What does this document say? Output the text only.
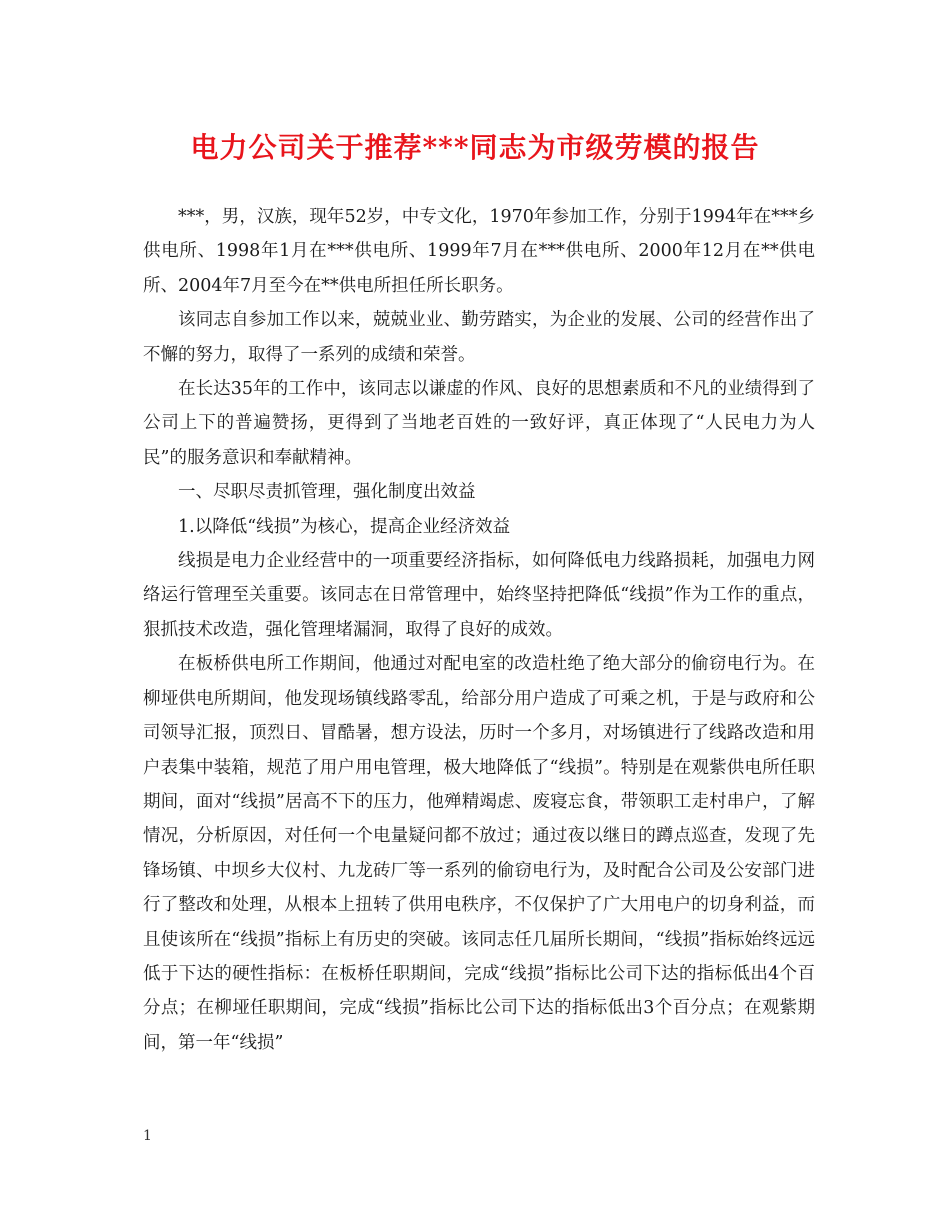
电力公司关于推荐***同志为市级劳模的报告

***，男，汉族，现年52岁，中专文化，1970年参加工作，分别于1994年在***乡供电所、1998年1月在***供电所、1999年7月在***供电所、2000年12月在**供电所、2004年7月至今在**供电所担任所长职务。

该同志自参加工作以来，兢兢业业、勤劳踏实，为企业的发展、公司的经营作出了不懈的努力，取得了一系列的成绩和荣誉。

在长达35年的工作中，该同志以谦虚的作风、良好的思想素质和不凡的业绩得到了公司上下的普遍赞扬，更得到了当地老百姓的一致好评，真正体现了“人民电力为人民”的服务意识和奉献精神。

一、尽职尽责抓管理，强化制度出效益

1.以降低“线损”为核心，提高企业经济效益

线损是电力企业经营中的一项重要经济指标，如何降低电力线路损耗，加强电力网络运行管理至关重要。该同志在日常管理中，始终坚持把降低“线损”作为工作的重点，狠抓技术改造，强化管理堵漏洞，取得了良好的成效。

在板桥供电所工作期间，他通过对配电室的改造杜绝了绝大部分的偷窃电行为。在柳垭供电所期间，他发现场镇线路零乱，给部分用户造成了可乘之机，于是与政府和公司领导汇报，顶烈日、冒酷暑，想方设法，历时一个多月，对场镇进行了线路改造和用户表集中装箱，规范了用户用电管理，极大地降低了“线损”。特别是在观紫供电所任职期间，面对“线损”居高不下的压力，他殚精竭虑、废寝忘食，带领职工走村串户，了解情况，分析原因，对任何一个电量疑问都不放过；通过夜以继日的蹲点巡查，发现了先锋场镇、中坝乡大仪村、九龙砖厂等一系列的偷窃电行为，及时配合公司及公安部门进行了整改和处理，从根本上扭转了供用电秩序，不仅保护了广大用电户的切身利益，而且使该所在“线损”指标上有历史的突破。该同志任几届所长期间，“线损”指标始终远远低于下达的硬性指标：在板桥任职期间，完成“线损”指标比公司下达的指标低出4个百分点；在柳垭任职期间，完成“线损”指标比公司下达的指标低出3个百分点；在观紫期间，第一年“线损”

1
